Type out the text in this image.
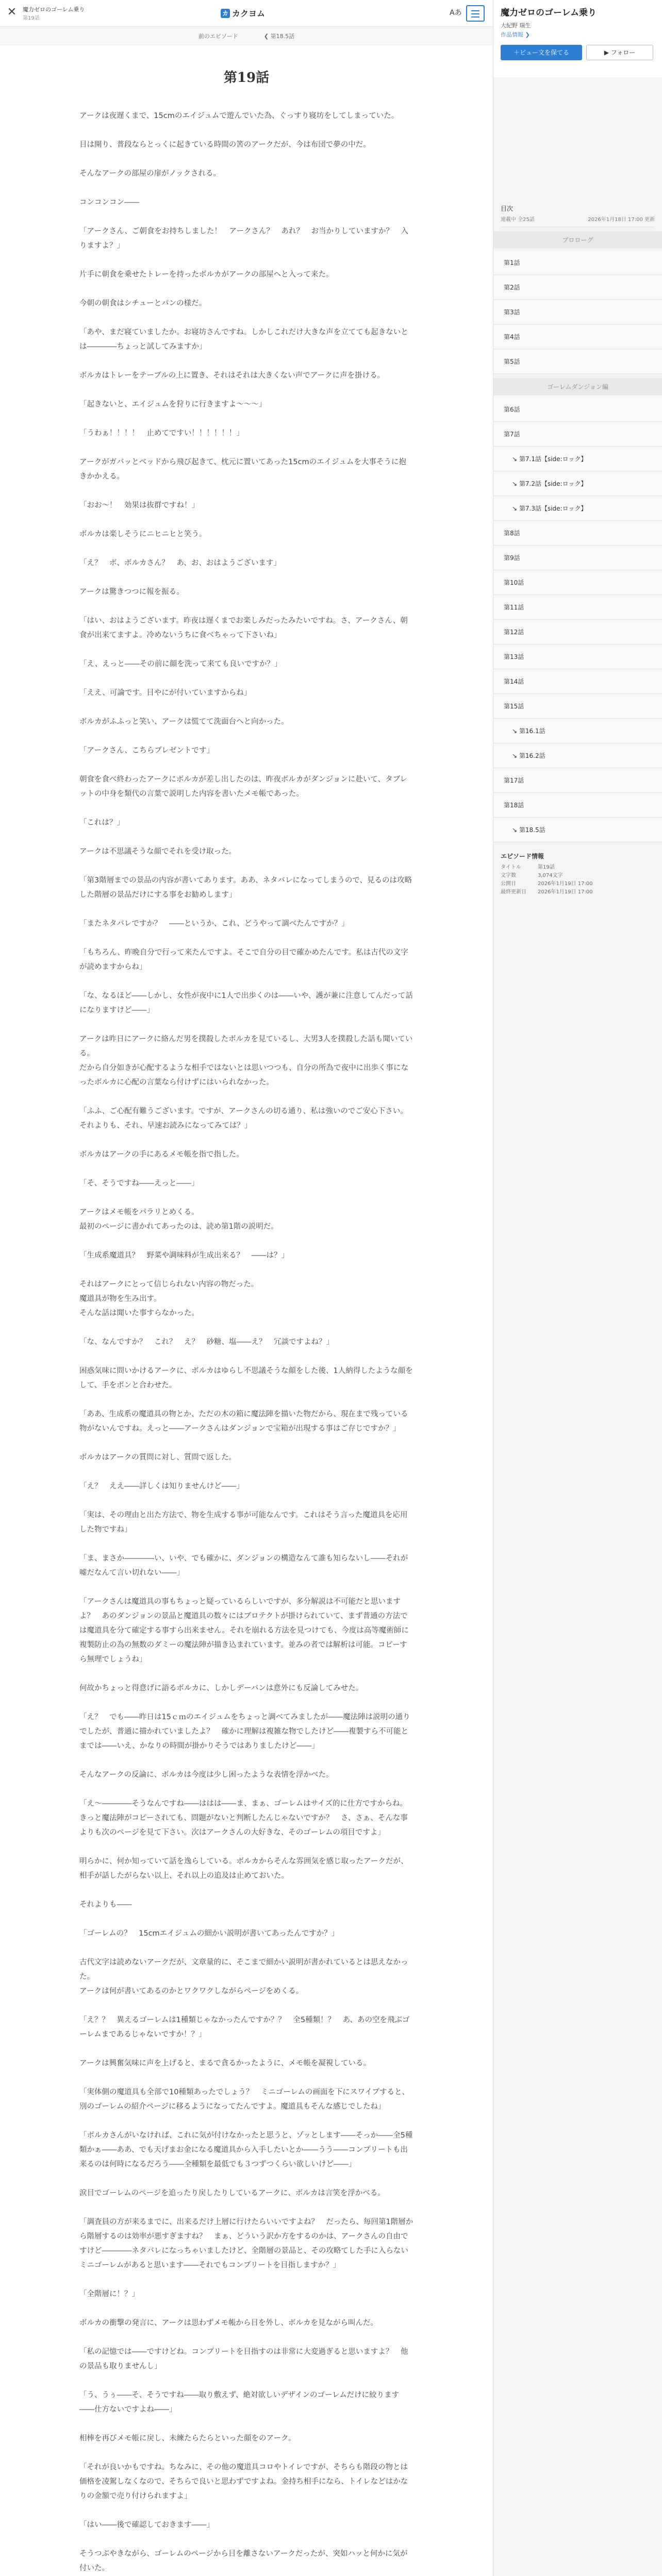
✕	魔力ゼロのゴーレム乗り
第19話
カ カクヨム	Aあ
前のエピソード	❮ 第18.5話
第19話

アークは夜遅くまで、15cmのエイジュムで遊んでいた為、ぐっすり寝坊をしてしまっていた。

目は開り、普段ならとっくに起きている時間の筈のアークだが、今は布団で夢の中だ。

そんなアークの部屋の扉がノックされる。

コンコンコン――

「アークさん、ご朝食をお持ちしました！　アークさん？　あれ？　お当かりしていますか？　入りますよ？」

片手に朝食を乗せたトレーを持ったボルカがアークの部屋へと入って来た。

今朝の朝食はシチューとパンの様だ。

「あや、まだ寝ていましたか。お寝坊さんですね。しかしこれだけ大きな声を立てても起きないとは――――ちょっと試してみますか」

ボルカはトレーをテーブルの上に置き、それはそれは大きくない声でアークに声を掛ける。

「起きないと、エイジュムを狩りに行きますよ～～～」

「うわぁ！！！！　止めてですい！！！！！！」

アークがガバッとベッドから飛び起きて、枕元に置いてあった15cmのエイジュムを大事そうに抱きかかえる。

「おお～！　効果は抜群ですね！」

ボルカは楽しそうにニヒニヒと笑う。

「え？　ボ、ボルカさん？　あ、お、おはようございます」

アークは驚きつつに報を振る。

「はい、おはようございます。昨夜は遅くまでお楽しみだったみたいですね。さ、アークさん、朝食が出来てますよ。冷めないうちに食べちゃって下さいね」

「え、えっと――その前に顔を洗って来ても良いですか？」

「ええ、可論です。目やにが付いていますからね」

ボルカがふふっと笑い、アークは慌てて洗面台へと向かった。

「アークさん、こちらプレゼントです」

朝食を食べ終わったアークにボルカが差し出したのは、昨夜ボルカがダンジョンに赴いて、タブレットの中身を類代の言葉で説明した内容を書いたメモ帳であった。

「これは？」

アークは不思議そうな顔でそれを受け取った。

「第3階層までの景品の内容が書いてあります。ああ、ネタバレになってしまうので、見るのは攻略した階層の景品だけにする事をお勧めします」

「またネタバレですか？　――というか、これ、どうやって調べたんですか？」

「もちろん、昨晩自分で行って来たんですよ。そこで自分の目で確かめたんです。私は古代の文字が読めますからね」

「な、なるほど――しかし、女性が夜中に1人で出歩くのは――いや、護が兼に注意してんだって話になりますけど――」

アークは昨日にアークに絡んだ男を撲殺したボルカを見ているし、大男3人を撲殺した話も聞いている。
だから自分如きが心配するような相手ではないとは思いつつも、自分の所為で夜中に出歩く事になったボルカに心配の言葉なら付けずにはいられなかった。

「ふふ、ご心配有難うございます。ですが、アークさんの切る通り、私は強いのでご安心下さい。それよりも、それ、早速お読みになってみては？」

ボルカはアークの手にあるメモ帳を指で指した。

「そ、そうですね――えっと――」

アークはメモ帳をパラリとめくる。
最初のページに書かれてあったのは、読め第1階の説明だ。

「生成系魔道具？　野菜や調味料が生成出来る？　――は？」

それはアークにとって信じられない内容の物だった。
魔道具が物を生み出す。
そんな話は聞いた事すらなかった。

「な、なんですか？　これ？　え？　砂糖、塩――え？　冗談ですよね？」

困惑気味に問いかけるアークに、ボルカはゆらし不思議そうな顔をした後、1人納得したような顔をして、手をポンと合わせた。

「ああ、生成系の魔道具の物とか、ただの木の箱に魔法陣を描いた物だから、現在まで残っている物がないんですね。えっと――アークさんはダンジョンで宝箱が出現する事はご存じですか？」

ボルカはアークの質問に対し、質問で返した。

「え？　ええ――詳しくは知りませんけど――」

「実は、その理由と出た方法で、物を生成する事が可能なんです。これはそう言った魔道具を応用した物ですね」

「ま、まさか――――い、いや、でも確かに、ダンジョンの構造なんて誰も知らないし――それが嘘だなんて言い切れない――」

「アークさんは魔道具の事もちょっと疑っているらしいですが、多分解説は不可能だと思いますよ？　あのダンジョンの景品と魔道具の数々にはブロテクトが掛けられていて、まず普通の方法では魔道具を分て確定する事すら出来ません。それを崩れる方法を見つけても、今度は高等魔術師に複製防止の為の無数のダミーの魔法陣が描き込まれています。並みの者では解析は可能。コピーすら無理でしょうね」

何故かちょっと得意げに語るボルカに、しかしデーバンは意外にも反論してみせた。

「え？　でも――昨日は15ｃｍのエイジュムをちょっと調べてみましたが――魔法陣は説明の通りでしたが、普通に描かれていましたよ？　確かに理解は複雑な物でしたけど――複製すら不可能とまでは――いえ、かなりの時間が掛かりそうではありましたけど――」

そんなアークの反論に、ボルカは今度は少し困ったような表情を浮かべた。

「え～――――そうなんですね――ははは――ま、まぁ、ゴーレムはサイズ的に仕方ですからね。きっと魔法陣がコピーされても、問題がないと判断したんじゃないですか？　さ、さぁ、そんな事よりも次のページを見て下さい。次はアークさんの大好きな、そのゴーレムの項目ですよ」

明らかに、何か知っていて話を逸らしている。ボルカからそんな雰囲気を感じ取ったアークだが、相手が話したがらない以上、それ以上の追及は止めておいた。

それよりも――

「ゴーレムの？　15cmエイジュムの細かい説明が書いてあったんですか？」

古代文字は読めないアークだが、文章量的に、そこまで細かい説明が書かれているとは思えなかった。
アークは何が書いてあるのかとワクワクしながらページをめくる。

「え？？　異えるゴーレムは1種類じゃなかったんですか？？　全5種類！？　あ、あの空を飛ぶゴーレムまであるじゃないですか！？」

アークは興奮気味に声を上げると、まるで貪るかったように、メモ帳を凝視している。

「実体側の魔道具も全部で10種類あったでしょう？　ミニゴーレムの画面を下にスワイプすると、別のゴーレムの紹介ページに移るようになってたんですよ。魔道具もそんな感じでしたね」

「ボルカさんがいなければ、これに気が付けなかったと思うと、ゾッとします――そっか――全5種類かぁ――ああ、でも天げまお金になる魔道具から入手したいとか――うう――コンプリートも出来るのは何時になるだろう――全種類を最低でも３つずつくらい欲しいけど――」

涙目でゴーレムのページを追ったり戻したりしているアークに、ボルカは言笑を浮かべる。

「調査員の方が来るまでに、出来るだけ上層に行けたらいいですよね？　だったら、毎回第1階層から階層するのは効率が悪すぎますね？　まぁ、どういう訳か方をするのかは、アークさんの自由ですけど――――ネタバレになっちゃいましたけど、全階層の景品と、その攻略てした手に入らないミニゴーレムがあると思います――それでもコンプリートを目指しますか？」

「全階層に！？」

ボルカの衝撃の発言に、アークは思わずメモ帳から目を外し、ボルカを見ながら叫んだ。

「私の記憶では――ですけどね。コンプリートを目指すのは非常に大変過ぎると思いますよ？　他の景品も取りませんし」

「う、うぅ――そ、そうですね――取り敷えず、絶対欲しいデザインのゴーレムだけに絞ります――仕方ないですよね――」

相棒を再びメモ帳に戻し、未練たらたらといった顔をのアーク。

「それが良いかもですね。ちなみに、その他の魔道具コロやトイレですが、そちらも階段の物とは価格を凌駕しなくなので、そちらで良いと思わずですよね。金持ち相手になら、トイレなどはかなりの金額で売り付けられますよ」

「はい――後で確認しておきます――」

そうつぶやきながら、ゴーレムのページから目を離さないアークだったが、突如ハッと何かに気が付いた。

魔力ゼロのゴーレム乗り
大紀野 瑞生
作品情報 ❯
＋ビュー文を保てる	▶ フォロー
目次
連載中 全25話	2026年1月18日 17:00 更新
プロローグ
第1話
第2話
第3話
第4話
第5話
ゴーレムダンジョン編
第6話
第7話
↘ 第7.1話【side:ロック】
↘ 第7.2話【side:ロック】
↘ 第7.3話【side:ロック】
第8話
第9話
第10話
第11話
第12話
第13話
第14話
第15話
↘ 第16.1話
↘ 第16.2話
第17話
第18話
↘ 第18.5話
エピソード情報
タイトル	第19話
文字数	3,074文字
公開日	2026年1月19日 17:00
最終更新日	2026年1月19日 17:00
